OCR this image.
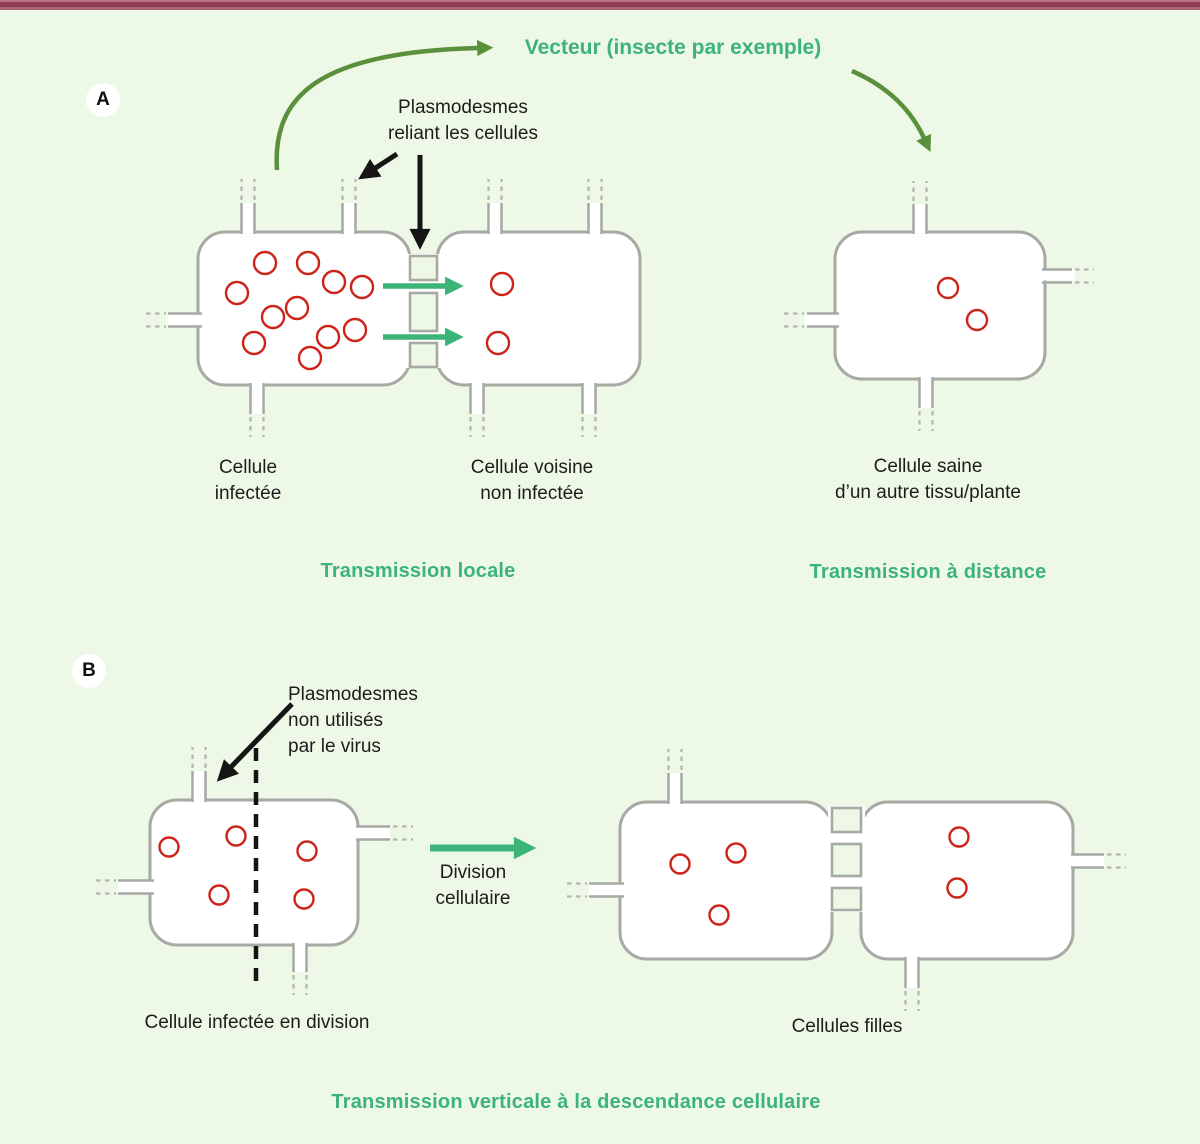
A
B
Vecteur (insecte par exemple)
Plasmodesmes
reliant les cellules
Cellule
infectée
Cellule voisine
non infectée
Cellule saine
d’un autre tissu/plante
Transmission locale	Transmission à distance
Plasmodesmes
non utilisés
par le virus
Division
cellulaire
Cellule infectée en division	Cellules filles
Transmission verticale à la descendance cellulaire
